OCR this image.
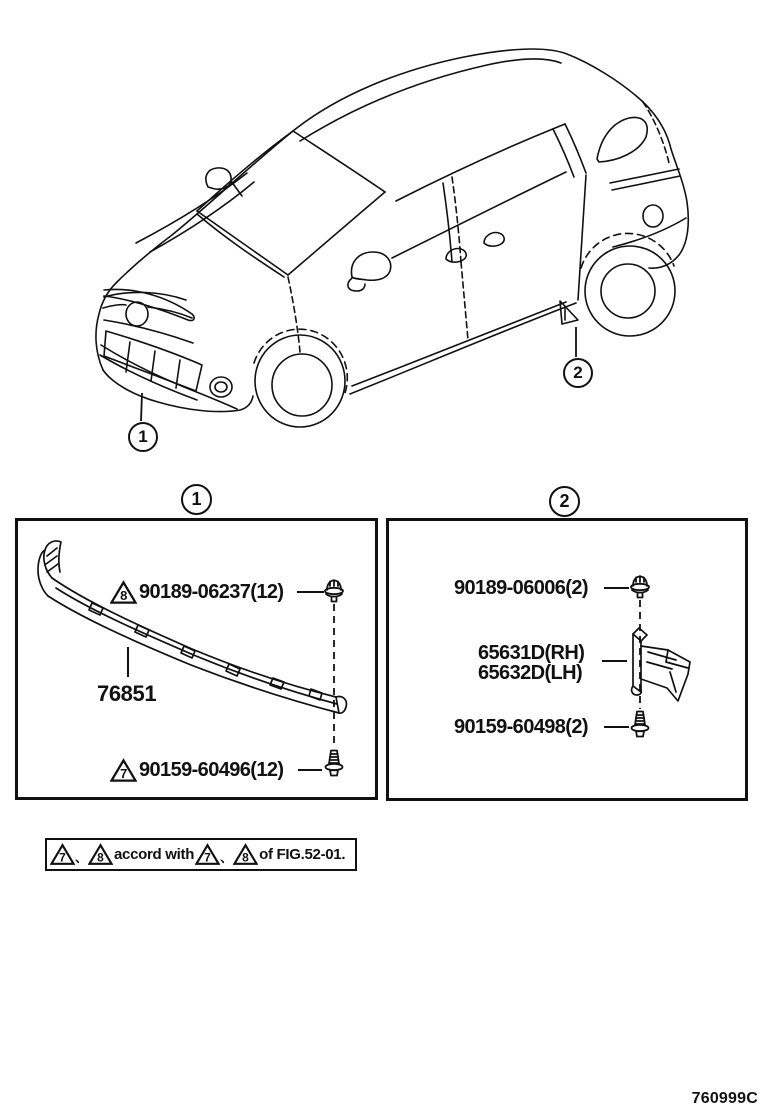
1
2
1	2
8 90189-06237(12)
76851
7 90159-60496(12)
90189-06006(2)
65631D(RH)
65632D(LH)
90159-60498(2)
7 、 8 accord with 7 、 8 of FIG.52-01.
760999C
